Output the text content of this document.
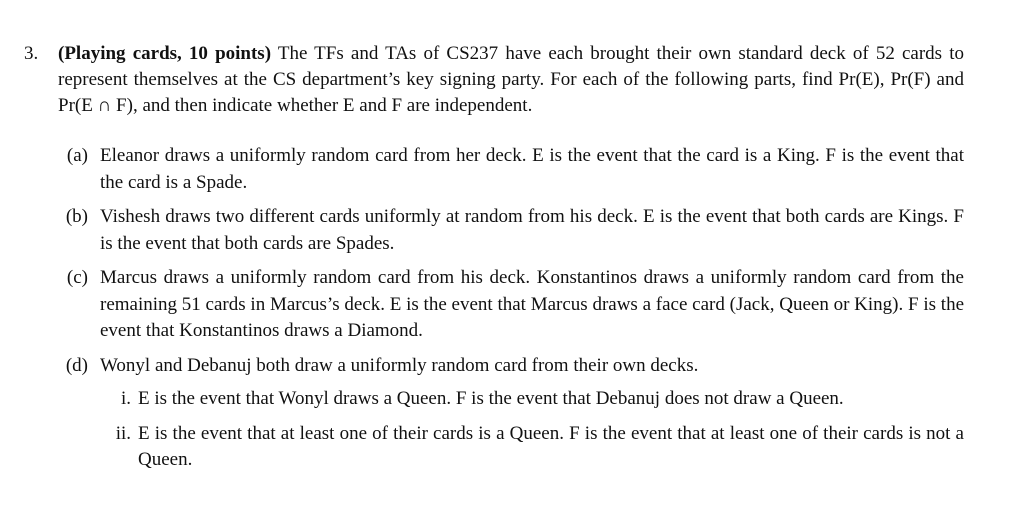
3.	(Playing cards, 10 points) The TFs and TAs of CS237 have each brought their own standard deck of 52 cards to represent themselves at the CS department’s key signing party. For each of the following parts, find Pr(E), Pr(F) and Pr(E ∩ F), and then indicate whether E and F are independent.
(a) Eleanor draws a uniformly random card from her deck. E is the event that the card is a King. F is the event that the card is a Spade.
(b) Vishesh draws two different cards uniformly at random from his deck. E is the event that both cards are Kings. F is the event that both cards are Spades.
(c) Marcus draws a uniformly random card from his deck. Konstantinos draws a uniformly random card from the remaining 51 cards in Marcus’s deck. E is the event that Marcus draws a face card (Jack, Queen or King). F is the event that Konstantinos draws a Diamond.
(d) Wonyl and Debanuj both draw a uniformly random card from their own decks.
i. E is the event that Wonyl draws a Queen. F is the event that Debanuj does not draw a Queen.
ii. E is the event that at least one of their cards is a Queen. F is the event that at least one of their cards is not a Queen.
